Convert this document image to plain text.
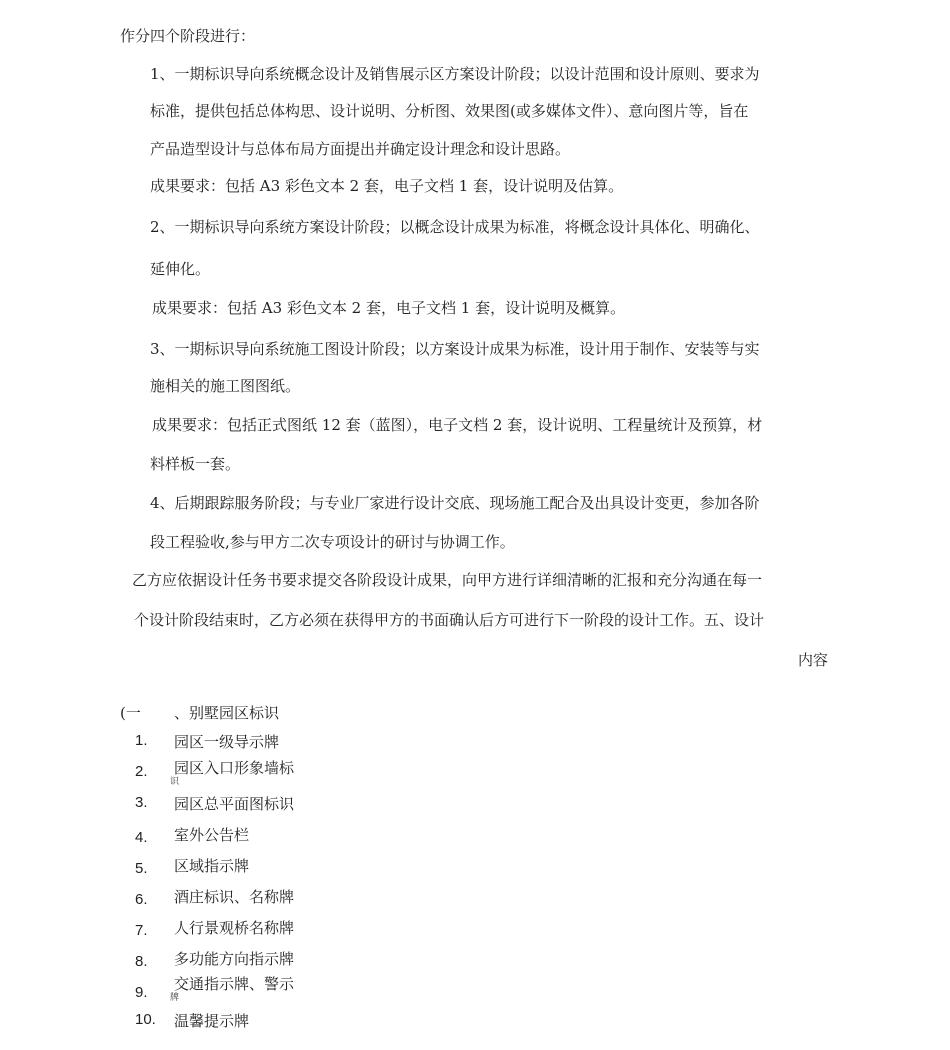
作分四个阶段进行：
1、一期标识导向系统概念设计及销售展示区方案设计阶段；以设计范围和设计原则、要求为
标准，提供包括总体构思、设计说明、分析图、效果图(或多媒体文件）、意向图片等，旨在
产品造型设计与总体布局方面提出并确定设计理念和设计思路。
成果要求：包括 A3 彩色文本 2 套，电子文档 1 套，设计说明及估算。
2、一期标识导向系统方案设计阶段；以概念设计成果为标准，将概念设计具体化、明确化、
延伸化。
成果要求：包括 A3 彩色文本 2 套，电子文档 1 套，设计说明及概算。
3、一期标识导向系统施工图设计阶段；以方案设计成果为标准，设计用于制作、安装等与实
施相关的施工图图纸。
成果要求：包括正式图纸 12 套（蓝图），电子文档 2 套，设计说明、工程量统计及预算，材
料样板一套。
4、后期跟踪服务阶段；与专业厂家进行设计交底、现场施工配合及出具设计变更，参加各阶
段工程验收,参与甲方二次专项设计的研讨与协调工作。
乙方应依据设计任务书要求提交各阶段设计成果，向甲方进行详细清晰的汇报和充分沟通在每一
个设计阶段结束时，乙方必须在获得甲方的书面确认后方可进行下一阶段的设计工作。五、设计
内容
(一 、别墅园区标识
1. 园区一级导示牌
2. 园区入口形象墙标
识
3. 园区总平面图标识
4. 室外公告栏
5. 区域指示牌
6. 酒庄标识、名称牌
7. 人行景观桥名称牌
8. 多功能方向指示牌
9. 交通指示牌、警示
牌
10. 温馨提示牌
